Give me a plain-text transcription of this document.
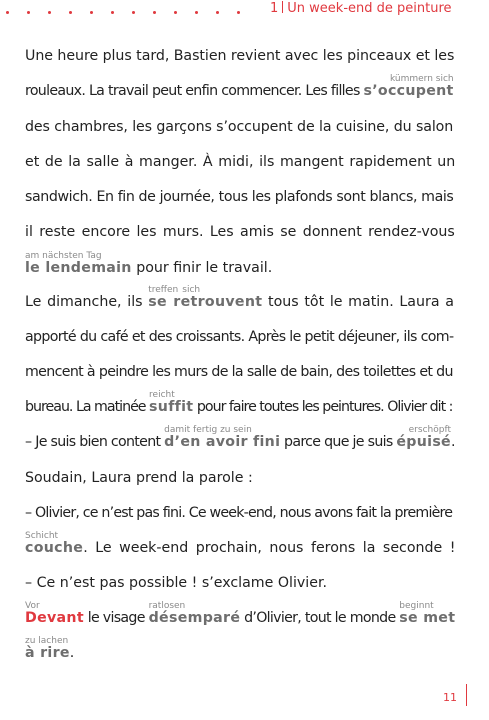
1 Un week-end de peinture
Une heure plus tard, Bastien revient avec les pinceaux et les
rouleaux. La travail peut enfin commencer. Les filles s’occupent
kümmern sich
des chambres, les garçons s’occupent de la cuisine, du salon
et de la salle à manger. À midi, ils mangent rapidement un
sandwich. En fin de journée, tous les plafonds sont blancs, mais
il reste encore les murs. Les amis se donnent rendez-vous
le lendemain
am nächsten Tag
pour finir le travail.
Le dimanche, ils se retrouvent
treffen sich
tous tôt le matin. Laura a
apporté du café et des croissants. Après le petit déjeuner, ils com-
mencent à peindre les murs de la salle de bain, des toilettes et du
bureau. La matinée suffit
reicht
pour faire toutes les peintures. Olivier dit :
– Je suis bien content d’en avoir fini
damit fertig zu sein
parce que je suis épuisé
erschöpft
.
Soudain, Laura prend la parole :
– Olivier, ce n’est pas fini. Ce week-end, nous avons fait la première
couche
Schicht
. Le week-end prochain, nous ferons la seconde !
– Ce n’est pas possible ! s’exclame Olivier.
Devant
Vor
le visage désemparé
ratlosen
d’Olivier, tout le monde se met
beginnt
à rire
zu lachen
.
11
